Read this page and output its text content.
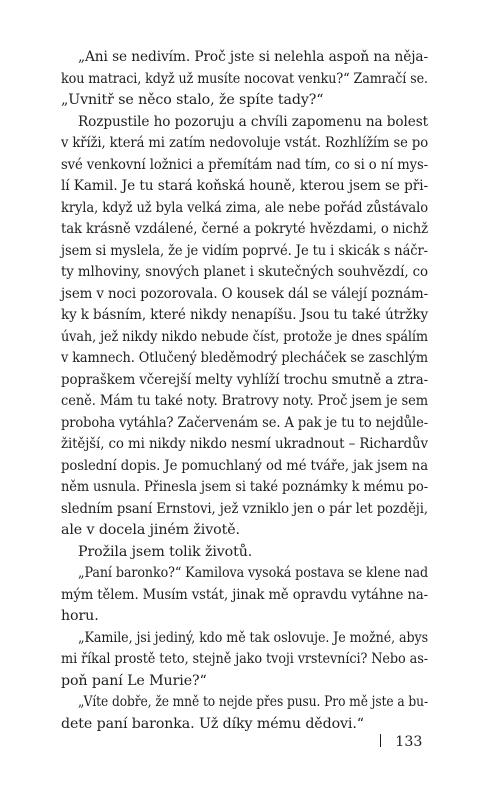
„Ani se nedivím. Proč jste si nelehla aspoň na něja-
kou matraci, když už musíte nocovat venku?“ Zamračí se.
„Uvnitř se něco stalo, že spíte tady?“
Rozpustile ho pozoruju a chvíli zapomenu na bolest
v kříži, která mi zatím nedovoluje vstát. Rozhlížím se po
své venkovní ložnici a přemítám nad tím, co si o ní mys-
lí Kamil. Je tu stará koňská houně, kterou jsem se při-
kryla, když už byla velká zima, ale nebe pořád zůstávalo
tak krásně vzdálené, černé a pokryté hvězdami, o nichž
jsem si myslela, že je vidím poprvé. Je tu i skicák s náčr-
ty mlhoviny, snových planet i skutečných souhvězdí, co
jsem v noci pozorovala. O kousek dál se válejí poznám-
ky k básním, které nikdy nenapíšu. Jsou tu také útržky
úvah, jež nikdy nikdo nebude číst, protože je dnes spálím
v kamnech. Otlučený bleděmodrý plecháček se zaschlým
popraškem včerejší melty vyhlíží trochu smutně a ztra-
ceně. Mám tu také noty. Bratrovy noty. Proč jsem je sem
proboha vytáhla? Začervenám se. A pak je tu to nejdůle-
žitější, co mi nikdy nikdo nesmí ukradnout – Richardův
poslední dopis. Je pomuchlaný od mé tváře, jak jsem na
něm usnula. Přinesla jsem si také poznámky k mému po-
sledním psaní Ernstovi, jež vzniklo jen o pár let později,
ale v docela jiném životě.
Prožila jsem tolik životů.
„Paní baronko?“ Kamilova vysoká postava se klene nad
mým tělem. Musím vstát, jinak mě opravdu vytáhne na-
horu.
„Kamile, jsi jediný, kdo mě tak oslovuje. Je možné, abys
mi říkal prostě teto, stejně jako tvoji vrstevníci? Nebo as-
poň paní Le Murie?“
„Víte dobře, že mně to nejde přes pusu. Pro mě jste a bu-
dete paní baronka. Už díky mému dědovi.“
133
